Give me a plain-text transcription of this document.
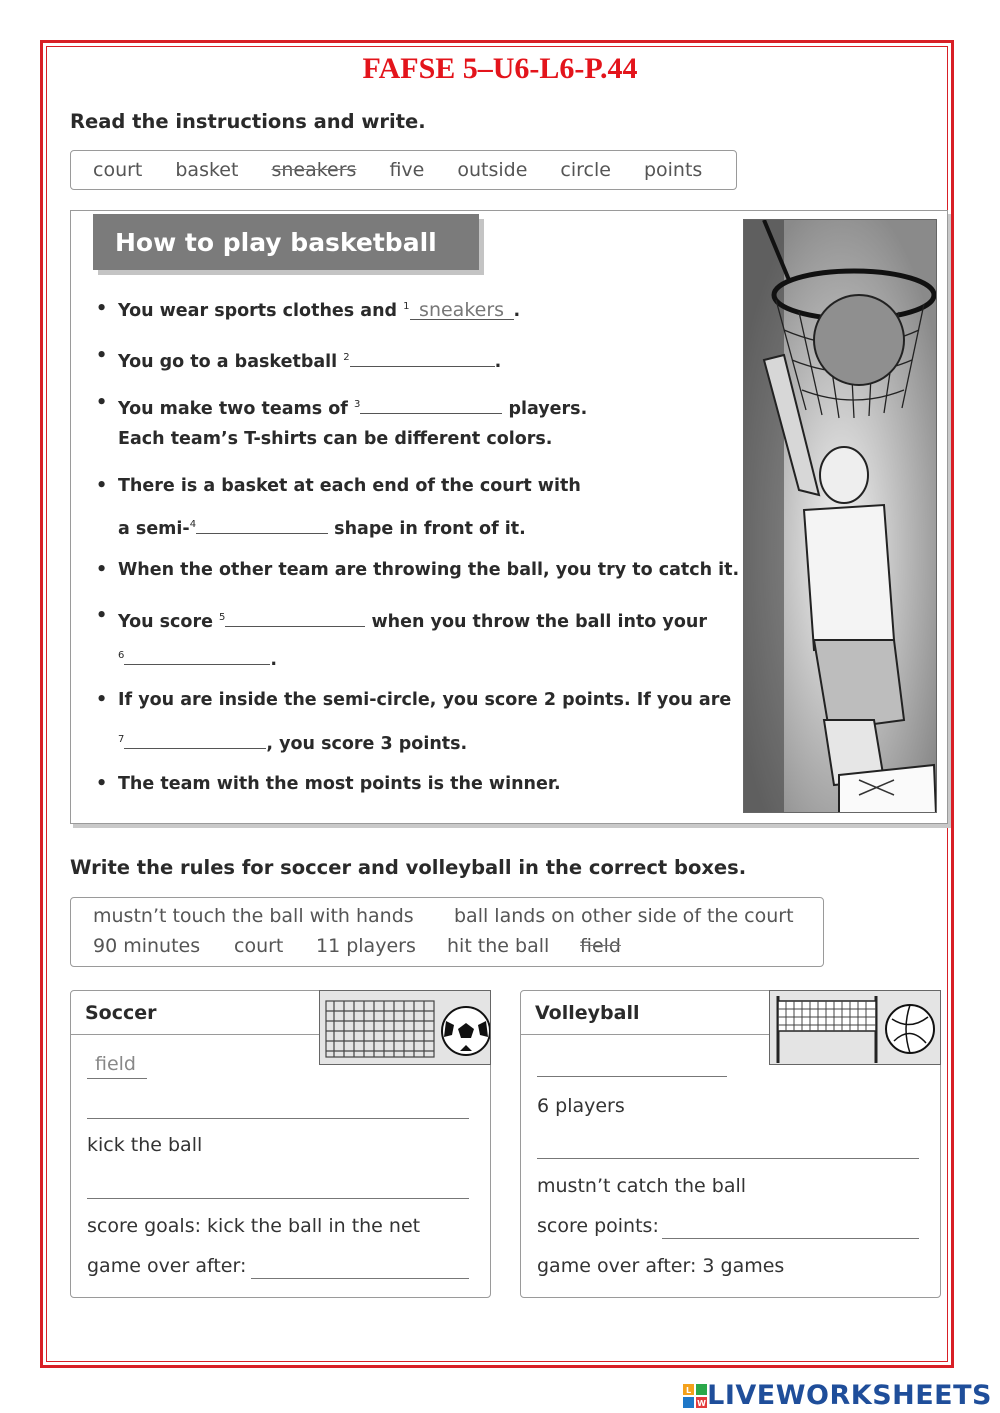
FAFSE 5–U6-L6-P.44

Read the instructions and write.

court basket sneakers five outside circle points
How to play basketball
• You wear sports clothes and $^1$ sneakers .
• You go to a basketball $^2$	.
• You make two teams of $^3$	players.
Each team’s T-shirts can be different colors.
• There is a basket at each end of the court with
a semi-$^4$	shape in front of it.
• When the other team are throwing the ball, you try to catch it.
• You score $^5$	when you throw the ball into your
$^6$	.
• If you are inside the semi-circle, you score 2 points. If you are
$^7$	, you score 3 points.
• The team with the most points is the winner.

Write the rules for soccer and volleyball in the correct boxes.

mustn’t touch the ball with hands ball lands on other side of the court
90 minutes court 11 players hit the ball field
Soccer
field
kick the ball
score goals: kick the ball in the net
game over after:
Volleyball
6 players
mustn’t catch the ball
score points:
game over after: 3 games
L
W LIVEWORKSHEETS
